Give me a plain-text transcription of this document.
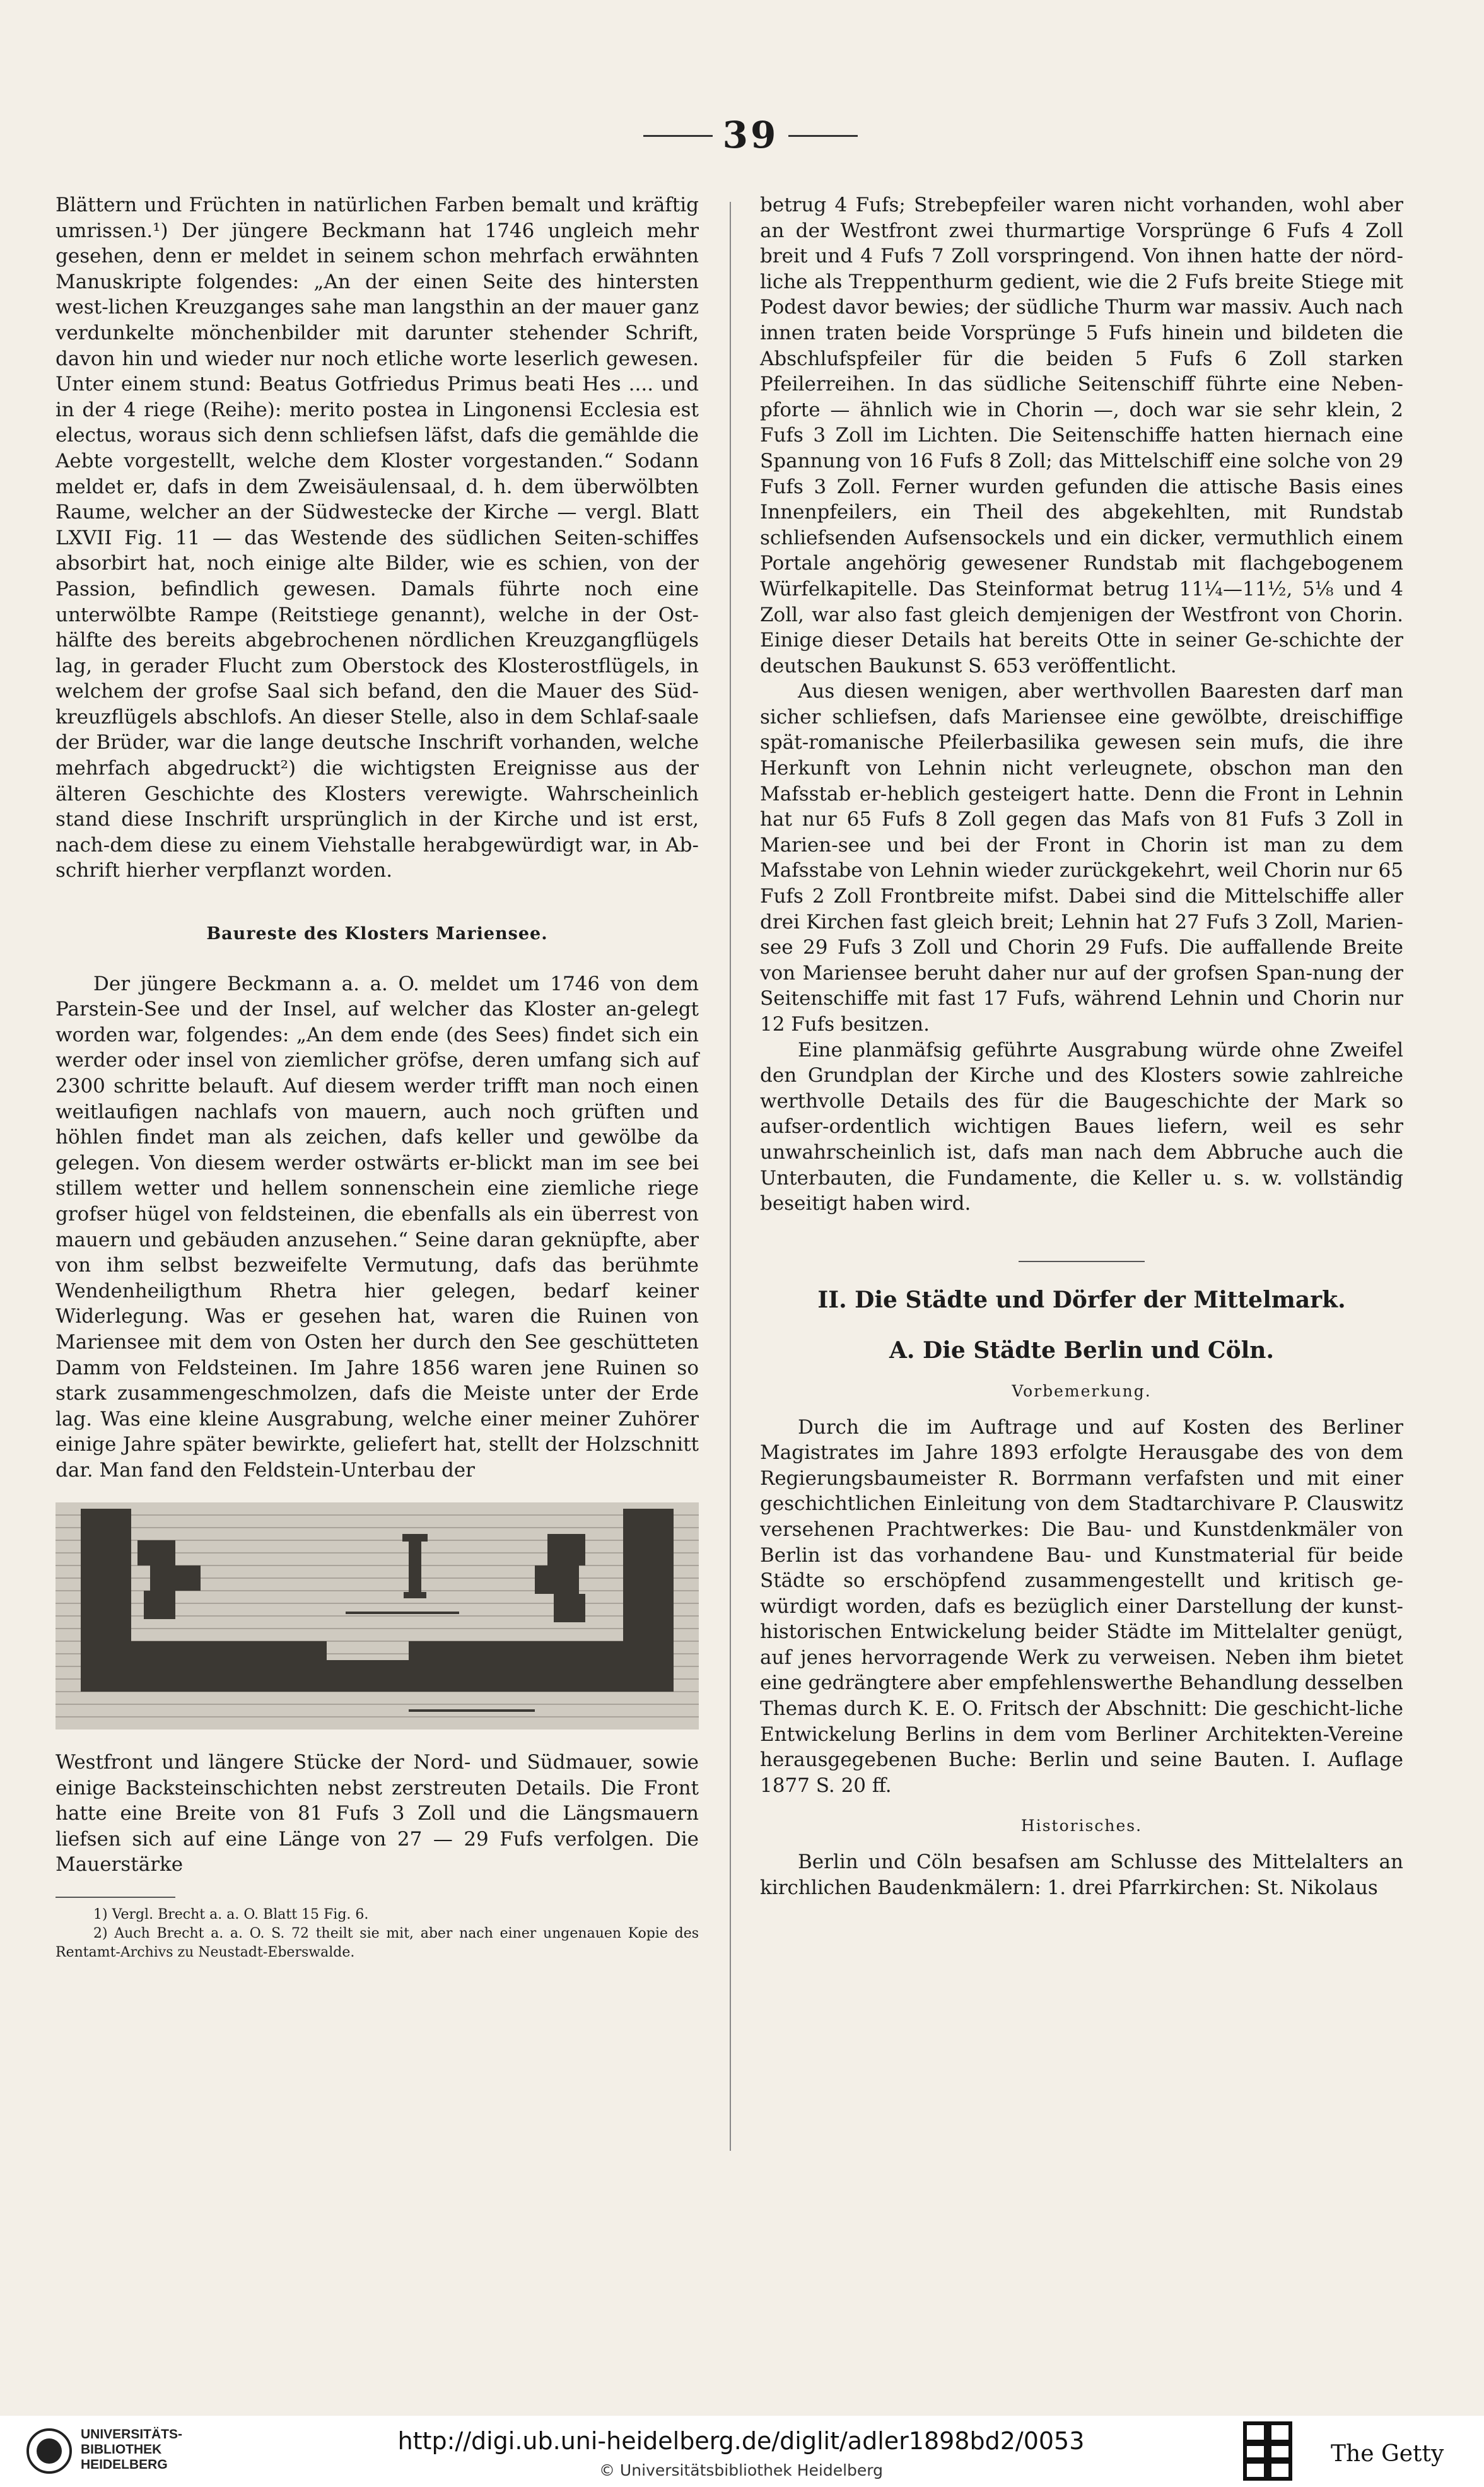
39

Blättern und Früchten in natürlichen Farben bemalt und kräftig umrissen.¹) Der jüngere Beckmann hat 1746 ungleich mehr gesehen, denn er meldet in seinem schon mehrfach erwähnten Manuskripte folgendes: „An der einen Seite des hintersten west-lichen Kreuzganges sahe man langsthin an der mauer ganz verdunkelte mönchenbilder mit darunter stehender Schrift, davon hin und wieder nur noch etliche worte leserlich gewesen. Unter einem stund: Beatus Gotfriedus Primus beati Hes .... und in der 4 riege (Reihe): merito postea in Lingonensi Ecclesia est electus, woraus sich denn schliefsen läfst, dafs die gemählde die Aebte vorgestellt, welche dem Kloster vorgestanden.“ Sodann meldet er, dafs in dem Zweisäulensaal, d. h. dem überwölbten Raume, welcher an der Südwestecke der Kirche — vergl. Blatt LXVII Fig. 11 — das Westende des südlichen Seiten-schiffes absorbirt hat, noch einige alte Bilder, wie es schien, von der Passion, befindlich gewesen. Damals führte noch eine unterwölbte Rampe (Reitstiege genannt), welche in der Ost-hälfte des bereits abgebrochenen nördlichen Kreuzgangflügels lag, in gerader Flucht zum Oberstock des Klosterostflügels, in welchem der grofse Saal sich befand, den die Mauer des Süd-kreuzflügels abschlofs. An dieser Stelle, also in dem Schlaf-saale der Brüder, war die lange deutsche Inschrift vorhanden, welche mehrfach abgedruckt²) die wichtigsten Ereignisse aus der älteren Geschichte des Klosters verewigte. Wahrscheinlich stand diese Inschrift ursprünglich in der Kirche und ist erst, nach-dem diese zu einem Viehstalle herabgewürdigt war, in Ab-schrift hierher verpflanzt worden.

Baureste des Klosters Mariensee.

Der jüngere Beckmann a. a. O. meldet um 1746 von dem Parstein-See und der Insel, auf welcher das Kloster an-gelegt worden war, folgendes: „An dem ende (des Sees) findet sich ein werder oder insel von ziemlicher gröfse, deren umfang sich auf 2300 schritte belauft. Auf diesem werder trifft man noch einen weitlaufigen nachlafs von mauern, auch noch grüften und höhlen findet man als zeichen, dafs keller und gewölbe da gelegen. Von diesem werder ostwärts er-blickt man im see bei stillem wetter und hellem sonnenschein eine ziemliche riege grofser hügel von feldsteinen, die ebenfalls als ein überrest von mauern und gebäuden anzusehen.“ Seine daran geknüpfte, aber von ihm selbst bezweifelte Vermutung, dafs das berühmte Wendenheiligthum Rhetra hier gelegen, bedarf keiner Widerlegung. Was er gesehen hat, waren die Ruinen von Mariensee mit dem von Osten her durch den See geschütteten Damm von Feldsteinen. Im Jahre 1856 waren jene Ruinen so stark zusammengeschmolzen, dafs die Meiste unter der Erde lag. Was eine kleine Ausgrabung, welche einer meiner Zuhörer einige Jahre später bewirkte, geliefert hat, stellt der Holzschnitt dar. Man fand den Feldstein-Unterbau der

Westfront und längere Stücke der Nord- und Südmauer, sowie einige Backsteinschichten nebst zerstreuten Details. Die Front hatte eine Breite von 81 Fufs 3 Zoll und die Längsmauern liefsen sich auf eine Länge von 27 — 29 Fufs verfolgen. Die Mauerstärke

1) Vergl. Brecht a. a. O. Blatt 15 Fig. 6.

2) Auch Brecht a. a. O. S. 72 theilt sie mit, aber nach einer ungenauen Kopie des Rentamt-Archivs zu Neustadt-Eberswalde.

betrug 4 Fufs; Strebepfeiler waren nicht vorhanden, wohl aber an der Westfront zwei thurmartige Vorsprünge 6 Fufs 4 Zoll breit und 4 Fufs 7 Zoll vorspringend. Von ihnen hatte der nörd-liche als Treppenthurm gedient, wie die 2 Fufs breite Stiege mit Podest davor bewies; der südliche Thurm war massiv. Auch nach innen traten beide Vorsprünge 5 Fufs hinein und bildeten die Abschlufspfeiler für die beiden 5 Fufs 6 Zoll starken Pfeilerreihen. In das südliche Seitenschiff führte eine Neben-pforte — ähnlich wie in Chorin —, doch war sie sehr klein, 2 Fufs 3 Zoll im Lichten. Die Seitenschiffe hatten hiernach eine Spannung von 16 Fufs 8 Zoll; das Mittelschiff eine solche von 29 Fufs 3 Zoll. Ferner wurden gefunden die attische Basis eines Innenpfeilers, ein Theil des abgekehlten, mit Rundstab schliefsenden Aufsensockels und ein dicker, vermuthlich einem Portale angehörig gewesener Rundstab mit flachgebogenem Würfelkapitelle. Das Steinformat betrug 11¼—11½, 5⅛ und 4 Zoll, war also fast gleich demjenigen der Westfront von Chorin. Einige dieser Details hat bereits Otte in seiner Ge-schichte der deutschen Baukunst S. 653 veröffentlicht.

Aus diesen wenigen, aber werthvollen Baaresten darf man sicher schliefsen, dafs Mariensee eine gewölbte, dreischiffige spät-romanische Pfeilerbasilika gewesen sein mufs, die ihre Herkunft von Lehnin nicht verleugnete, obschon man den Mafsstab er-heblich gesteigert hatte. Denn die Front in Lehnin hat nur 65 Fufs 8 Zoll gegen das Mafs von 81 Fufs 3 Zoll in Marien-see und bei der Front in Chorin ist man zu dem Mafsstabe von Lehnin wieder zurückgekehrt, weil Chorin nur 65 Fufs 2 Zoll Frontbreite mifst. Dabei sind die Mittelschiffe aller drei Kirchen fast gleich breit; Lehnin hat 27 Fufs 3 Zoll, Marien-see 29 Fufs 3 Zoll und Chorin 29 Fufs. Die auffallende Breite von Mariensee beruht daher nur auf der grofsen Span-nung der Seitenschiffe mit fast 17 Fufs, während Lehnin und Chorin nur 12 Fufs besitzen.

Eine planmäfsig geführte Ausgrabung würde ohne Zweifel den Grundplan der Kirche und des Klosters sowie zahlreiche werthvolle Details des für die Baugeschichte der Mark so aufser-ordentlich wichtigen Baues liefern, weil es sehr unwahrscheinlich ist, dafs man nach dem Abbruche auch die Unterbauten, die Fundamente, die Keller u. s. w. vollständig beseitigt haben wird.

II. Die Städte und Dörfer der Mittelmark.
A. Die Städte Berlin und Cöln.
Vorbemerkung.

Durch die im Auftrage und auf Kosten des Berliner Magistrates im Jahre 1893 erfolgte Herausgabe des von dem Regierungsbaumeister R. Borrmann verfafsten und mit einer geschichtlichen Einleitung von dem Stadtarchivare P. Clauswitz versehenen Prachtwerkes: Die Bau- und Kunstdenkmäler von Berlin ist das vorhandene Bau- und Kunstmaterial für beide Städte so erschöpfend zusammengestellt und kritisch ge-würdigt worden, dafs es bezüglich einer Darstellung der kunst-historischen Entwickelung beider Städte im Mittelalter genügt, auf jenes hervorragende Werk zu verweisen. Neben ihm bietet eine gedrängtere aber empfehlenswerthe Behandlung desselben Themas durch K. E. O. Fritsch der Abschnitt: Die geschicht-liche Entwickelung Berlins in dem vom Berliner Architekten-Vereine herausgegebenen Buche: Berlin und seine Bauten. I. Auflage 1877 S. 20 ff.

Historisches.

Berlin und Cöln besafsen am Schlusse des Mittelalters an kirchlichen Baudenkmälern: 1. drei Pfarrkirchen: St. Nikolaus

UNIVERSITÄTS-
BIBLIOTHEK
HEIDELBERG
http://digi.ub.uni-heidelberg.de/diglit/adler1898bd2/0053
© Universitätsbibliothek Heidelberg
The Getty
